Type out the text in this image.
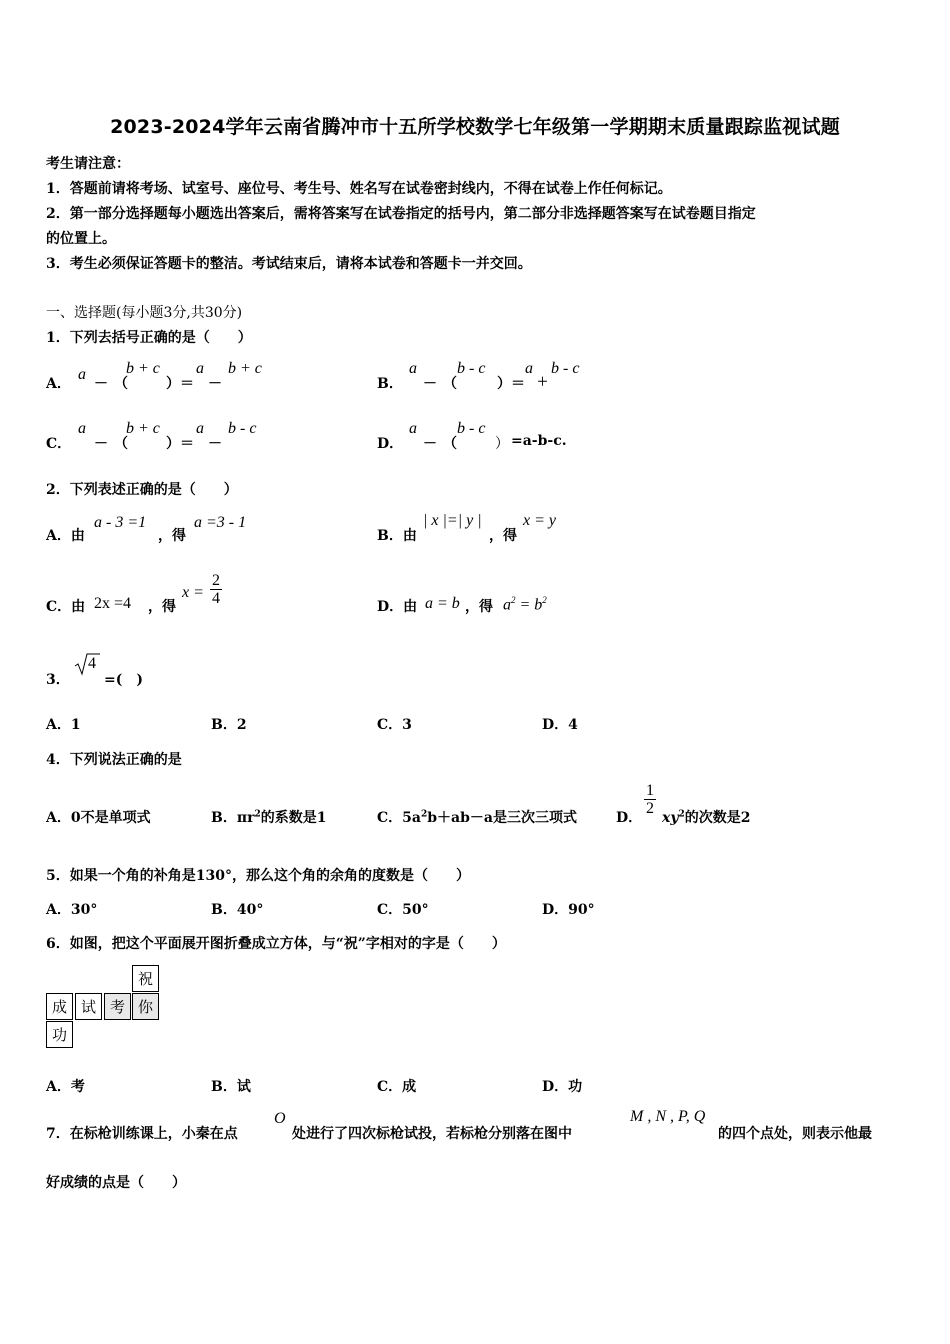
2023-2024学年云南省腾冲市十五所学校数学七年级第一学期期末质量跟踪监视试题
考生请注意：
1．答题前请将考场、试室号、座位号、考生号、姓名写在试卷密封线内，不得在试卷上作任何标记。
2．第一部分选择题每小题选出答案后，需将答案写在试卷指定的括号内，第二部分非选择题答案写在试卷题目指定
的位置上。
3．考生必须保证答题卡的整洁。考试结束后，请将本试卷和答题卡一并交回。
一、选择题(每小题3分,共30分)
1．下列去括号正确的是（　　）
A．
a
－ （
b + c
）＝
a
－
b + c
B．
a
－ （
b - c
）＝
a
＋
b - c
C．
a
－ （
b + c
）＝
a
－
b - c
D．
a
－ （
b - c
） =a-b-c.
2．下列表述正确的是（　　）
A．由
a - 3 =1
，得
a =3 - 1
B．由
| x |=| y |
，得
x = y
C．由 2x =4 ，得
$x = \frac{2}{4}$	D．由 a = b ，得 $a^2 = b^2$
3．
4
=(　)
A．1	B．2	C．3	D．4
4．下列说法正确的是
A．0不是单项式	B．$\pi r^2$的系数是1	C．$5a^2b+ab-a$是三次三项式	D．
$\frac{1}{2}$
$xy^2$的次数是2
5．如果一个角的补角是130°，那么这个角的余角的度数是（　　）
A．30°	B．40°	C．50°	D．90°
6．如图，把这个平面展开图折叠成立方体，与“祝”字相对的字是（　　）
祝
成 试 考 你
功
A．考	B．试	C．成	D．功
7．在标枪训练课上，小秦在点
O
处进行了四次标枪试投，若标枪分别落在图中
M , N , P, Q
的四个点处，则表示他最
好成绩的点是（　　）
